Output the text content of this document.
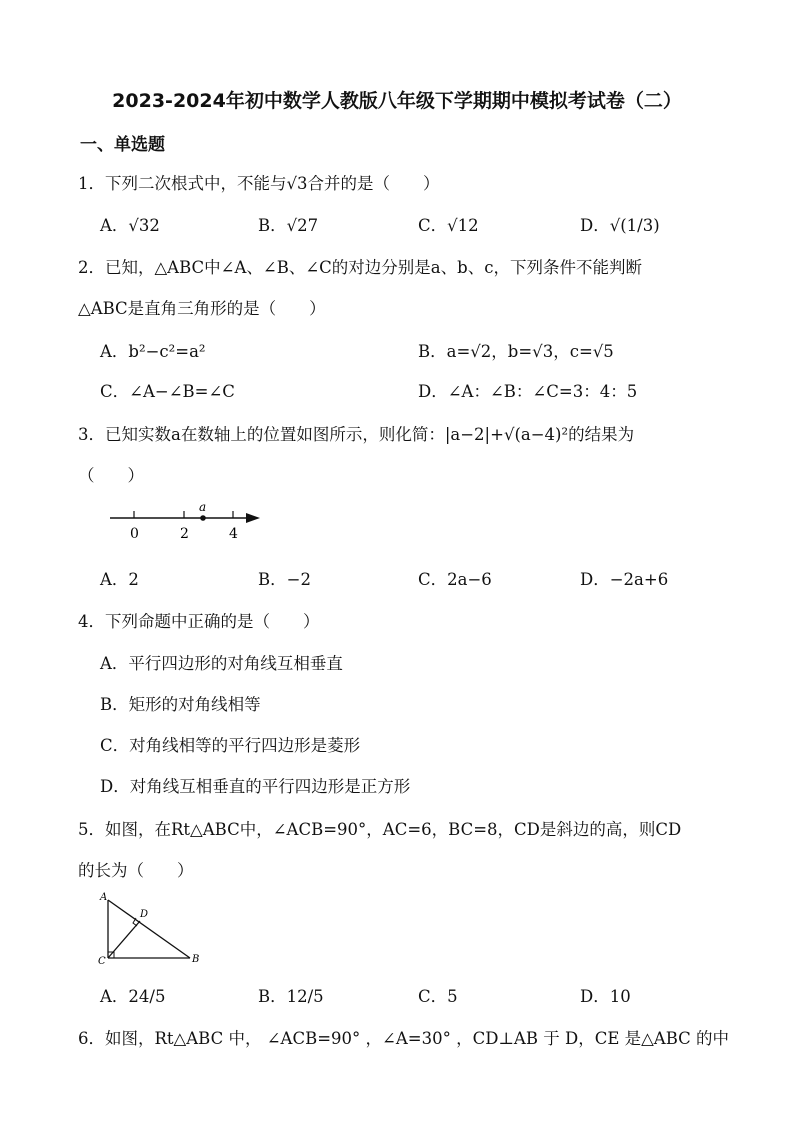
2023-2024年初中数学人教版八年级下学期期中模拟考试卷（二）
一、单选题
1．下列二次根式中，不能与√3合并的是（　　）
A．√32	B．√27	C．√12	D．√(1/3)
2．已知，△ABC中∠A、∠B、∠C的对边分别是a、b、c，下列条件不能判断
△ABC是直角三角形的是（　　）
A．b²−c²=a²	B．a=√2，b=√3，c=√5
C．∠A−∠B=∠C	D．∠A：∠B：∠C=3：4：5
3．已知实数a在数轴上的位置如图所示，则化简：|a−2|+√(a−4)²的结果为
（　　）
a
0	2	4
A．2	B．−2	C．2a−6	D．−2a+6
4．下列命题中正确的是（　　）
A．平行四边形的对角线互相垂直
B．矩形的对角线相等
C．对角线相等的平行四边形是菱形
D．对角线互相垂直的平行四边形是正方形
5．如图，在Rt△ABC中，∠ACB=90°，AC=6，BC=8，CD是斜边的高，则CD
的长为（　　）
A
D
C	B
A．24/5	B．12/5	C．5	D．10
6．如图，Rt△ABC 中， ∠ACB=90° ，∠A=30° ，CD⊥AB 于 D，CE 是△ABC 的中
